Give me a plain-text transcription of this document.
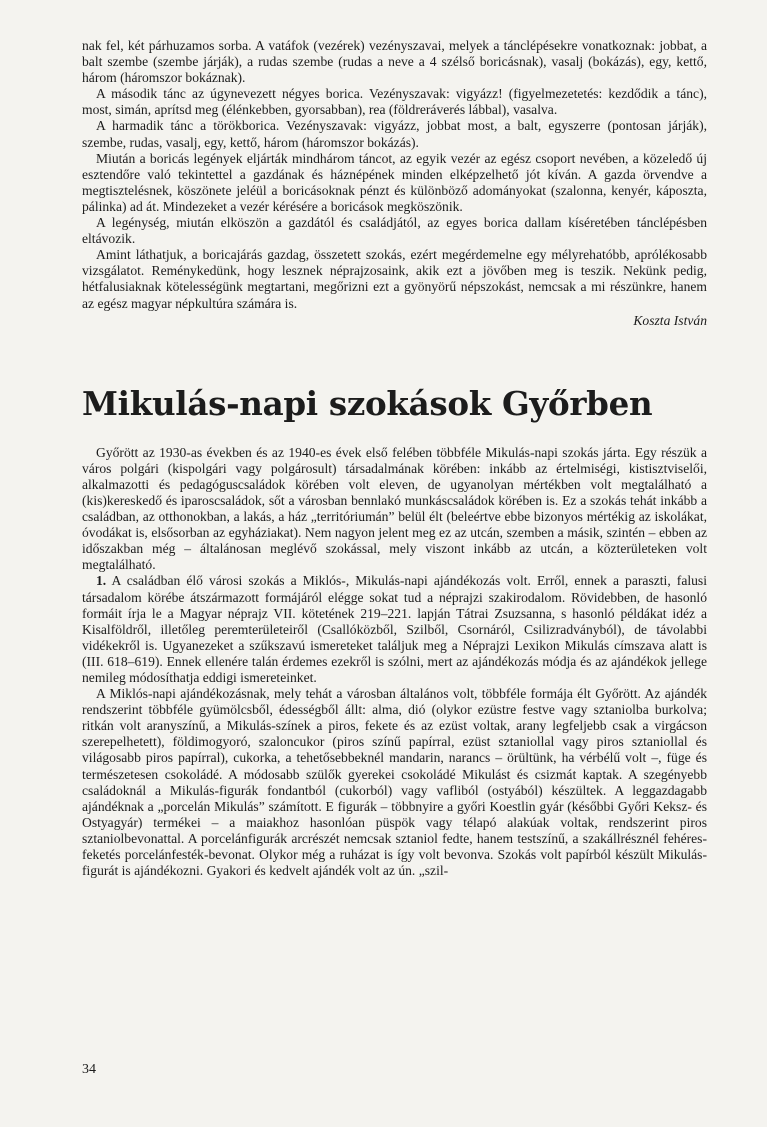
nak fel, két párhuzamos sorba. A vatáfok (vezérek) vezényszavai, melyek a tánclépésekre vonatkoznak: jobbat, a balt szembe (szembe járják), a rudas szembe (rudas a neve a 4 szélső boricásnak), vasalj (bokázás), egy, kettő, három (háromszor bokáznak).

A második tánc az úgynevezett négyes borica. Vezényszavak: vigyázz! (figyelmezetetés: kezdődik a tánc), most, simán, aprítsd meg (élénkebben, gyorsabban), rea (földreráverés lábbal), vasalva.

A harmadik tánc a törökborica. Vezényszavak: vigyázz, jobbat most, a balt, egyszerre (pontosan járják), szembe, rudas, vasalj, egy, kettő, három (háromszor bokázás).

Miután a boricás legények eljárták mindhárom táncot, az egyik vezér az egész csoport nevében, a közeledő új esztendőre való tekintettel a gazdának és háznépének minden elképzelhető jót kíván. A gazda örvendve a megtisztelésnek, köszönete jeléül a boricásoknak pénzt és különböző adományokat (szalonna, kenyér, káposzta, pálinka) ad át. Mindezeket a vezér kérésére a boricások megköszönik.

A legénység, miután elköszön a gazdától és családjától, az egyes borica dallam kíséretében tánclépésben eltávozik.

Amint láthatjuk, a boricajárás gazdag, összetett szokás, ezért megérdemelne egy mélyrehatóbb, aprólékosabb vizsgálatot. Reménykedünk, hogy lesznek néprajzosaink, akik ezt a jövőben meg is teszik. Nekünk pedig, hétfalusiaknak kötelességünk megtartani, megőrizni ezt a gyönyörű népszokást, nemcsak a mi részünkre, hanem az egész magyar népkultúra számára is.

Koszta István

Mikulás-napi szokások Győrben

Győrött az 1930-as években és az 1940-es évek első felében többféle Mikulás-napi szokás járta. Egy részük a város polgári (kispolgári vagy polgárosult) társadalmának körében: inkább az értelmiségi, kistisztviselői, alkalmazotti és pedagóguscsaládok körében volt eleven, de ugyanolyan mértékben volt megtalálható a (kis)kereskedő és iparoscsaládok, sőt a városban bennlakó munkáscsaládok körében is. Ez a szokás tehát inkább a családban, az otthonokban, a lakás, a ház „territóriumán” belül élt (beleértve ebbe bizonyos mértékig az iskolákat, óvodákat is, elsősorban az egyháziakat). Nem nagyon jelent meg ez az utcán, szemben a másik, szintén – ebben az időszakban még – általánosan meglévő szokással, mely viszont inkább az utcán, a közterületeken volt megtalálható.

1. A családban élő városi szokás a Miklós-, Mikulás-napi ajándékozás volt. Erről, ennek a paraszti, falusi társadalom körébe átszármazott formájáról elégge sokat tud a néprajzi szakirodalom. Rövidebben, de hasonló formáit írja le a Magyar néprajz VII. kötetének 219–221. lapján Tátrai Zsuzsanna, s hasonló példákat idéz a Kisalföldről, illetőleg peremterületeiről (Csallóközből, Szilből, Csornáról, Csilizradványból), de távolabbi vidékekről is. Ugyanezeket a szűkszavú ismereteket találjuk meg a Néprajzi Lexikon Mikulás címszava alatt is (III. 618–619). Ennek ellenére talán érdemes ezekről is szólni, mert az ajándékozás módja és az ajándékok jellege nemileg módosíthatja eddigi ismereteinket.

A Miklós-napi ajándékozásnak, mely tehát a városban általános volt, többféle formája élt Győrött. Az ajándék rendszerint többféle gyümölcsből, édességből állt: alma, dió (olykor ezüstre festve vagy sztaniolba burkolva; ritkán volt aranyszínű, a Mikulás-színek a piros, fekete és az ezüst voltak, arany legfeljebb csak a virgácson szerepelhetett), földimogyoró, szaloncukor (piros színű papírral, ezüst sztaniollal vagy piros sztaniollal és világosabb piros papírral), cukorka, a tehetősebbeknél mandarin, narancs – örültünk, ha vérbélű volt –, füge és természetesen csokoládé. A módosabb szülők gyerekei csokoládé Mikulást és csizmát kaptak. A szegényebb családoknál a Mikulás-figurák fondantból (cukorból) vagy vafliból (ostyából) készültek. A leggazdagabb ajándéknak a „porcelán Mikulás” számított. E figurák – többnyire a győri Koestlin gyár (későbbi Győri Keksz- és Ostyagyár) termékei – a maiakhoz hasonlóan püspök vagy télapó alakúak voltak, rendszerint piros sztaniolbevonattal. A porcelánfigurák arcrészét nemcsak sztaniol fedte, hanem testszínű, a szakállrésznél fehéres-feketés porcelánfesték-bevonat. Olykor még a ruházat is így volt bevonva. Szokás volt papírból készült Mikulás-figurát is ajándékozni. Gyakori és kedvelt ajándék volt az ún. „szil-

34
